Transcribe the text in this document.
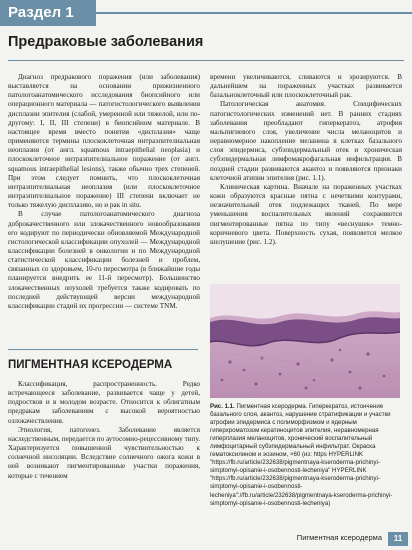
Раздел 1
Предраковые заболевания

Диагноз предракового поражения (или заболевания) выставляется на основании прижизненного патологоанатомического исследования биопсийного или операционного материала — патогистологического выявления дисплазии эпителия (слабой, умеренной или тяжелой, или по-другому: I, II, III степени) в биопсийном материале. В настоящее время вместо понятия «дисплазия» чаще применяются термины плоскоклеточная интраэпителиальная неоплазия (от англ. squamous intraepithelial neoplasia) и плоскоклеточное интраэпителиальное поражение (от англ. squamous intraepithelial lesions), также обычно трех степеней. При этом следует помнить, что плоскоклеточная интраэпителиальная неоплазия (или плоскоклеточное интраэпителиальное поражение) III степени включает не только тяжелую дисплазию, но и рак in situ.

В случае патологоанатомического диагноза доброкачественного или злокачественного новообразования его кодируют по периодически обновляемой Международной гистологической классификации опухолей — Международной классификации болезней в онкологии и по Международной статистической классификации болезней и проблем, связанных со здоровьем, 10-го пересмотра (в ближайшие годы планируется внедрить ее 11-й пересмотр). Большинство злокачественных опухолей требуется также кодировать по последней действующей версии международной классификации стадий их прогрессии — системе TNM.

ПИГМЕНТНАЯ КСЕРОДЕРМА

Классификация, распространенность. Редко встречающееся заболевание, развивается чаще у детей, подростков и в молодом возрасте. Относится к облигатным предракам заболеваниям с высокой вероятностью озлокачествления.

Этиология, патогенез. Заболевание является наследственным, передается по аутосомно-рецессивному типу. Характеризуется повышенной чувствительностью к солнечной инсоляции. Вследствие солнечного ожога кожи в ней возникают пигментированные участки поражения, которые с течением

времени увеличиваются, сливаются и эрозируются. В дальнейшем на пораженных участках развивается базальноклеточный или плоскоклеточный рак.

Патологическая анатомия. Специфических патогистологических изменений нет. В ранних стадиях заболевания преобладают гиперкератоз, атрофия мальпигиевого слоя, увеличение числа меланоцитов и неравномерное накопление меланина в клетках базального слоя эпидермиса, субэпидермальный отек и хроническая субэпидермальная лимфомакрофагальная инфильтрация. В поздней стадии развиваются акантоз и появляются признаки клеточной атипии эпителия (рис. 1.1).

Клиническая картина. Вначале на пораженных участках кожи образуются красные пятна с нечеткими контурами, незначительный отек подлежащих тканей. По мере уменьшения воспалительных явлений сохраняются пигментированные пятна по типу «веснушек» темно-коричневого цвета. Поверхность сухая, появляется мелкое шелушение (рис. 1.2).

Рис. 1.1. Пигментная ксеродерма. Гиперкератоз, истончение базального слоя, акантоз, нарушение стратификации и участки атрофии эпидермиса с полиморфизмом и ядерным гиперхроматозом кератиноцитов эпителия, неравномерная гиперплазия меланоцитов, хронический воспалительный лимфоцитарный субэпидермальный инфильтрат. Окраска гематоксилином и эозином, ×60 (из: https HYPERLINK "https://fb.ru/article/232638/pigmentnaya-kseroderma-prichinyi-simptomyi-opisanie-i-osobennosti-lecheniya" HYPERLINK "https://fb.ru/article/232638/pigmentnaya-kseroderma-prichinyi-simptomyi-opisanie-i-osobennosti-lecheniya"://fb.ru/article/232638/pigmentnaya-kseroderma-prichinyi-simptomyi-opisanie-i-osobennosti-lecheniya)
Пигментная ксеродерма	11
